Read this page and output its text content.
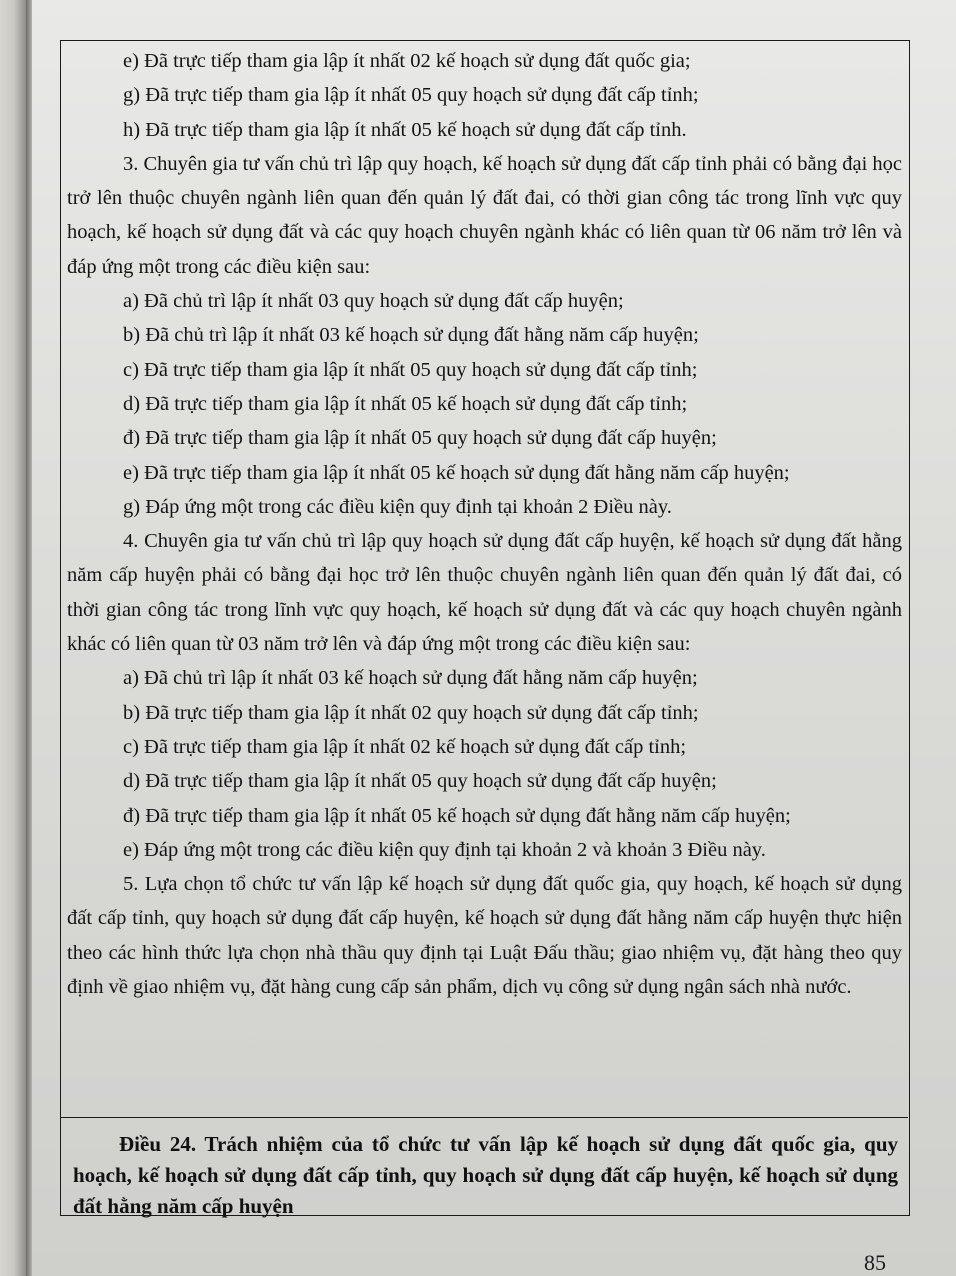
e) Đã trực tiếp tham gia lập ít nhất 02 kế hoạch sử dụng đất quốc gia;

g) Đã trực tiếp tham gia lập ít nhất 05 quy hoạch sử dụng đất cấp tỉnh;

h) Đã trực tiếp tham gia lập ít nhất 05 kế hoạch sử dụng đất cấp tỉnh.

3. Chuyên gia tư vấn chủ trì lập quy hoạch, kế hoạch sử dụng đất cấp tỉnh phải có bằng đại học trở lên thuộc chuyên ngành liên quan đến quản lý đất đai, có thời gian công tác trong lĩnh vực quy hoạch, kế hoạch sử dụng đất và các quy hoạch chuyên ngành khác có liên quan từ 06 năm trở lên và đáp ứng một trong các điều kiện sau:

a) Đã chủ trì lập ít nhất 03 quy hoạch sử dụng đất cấp huyện;

b) Đã chủ trì lập ít nhất 03 kế hoạch sử dụng đất hằng năm cấp huyện;

c) Đã trực tiếp tham gia lập ít nhất 05 quy hoạch sử dụng đất cấp tỉnh;

d) Đã trực tiếp tham gia lập ít nhất 05 kế hoạch sử dụng đất cấp tỉnh;

đ) Đã trực tiếp tham gia lập ít nhất 05 quy hoạch sử dụng đất cấp huyện;

e) Đã trực tiếp tham gia lập ít nhất 05 kế hoạch sử dụng đất hằng năm cấp huyện;

g) Đáp ứng một trong các điều kiện quy định tại khoản 2 Điều này.

4. Chuyên gia tư vấn chủ trì lập quy hoạch sử dụng đất cấp huyện, kế hoạch sử dụng đất hằng năm cấp huyện phải có bằng đại học trở lên thuộc chuyên ngành liên quan đến quản lý đất đai, có thời gian công tác trong lĩnh vực quy hoạch, kế hoạch sử dụng đất và các quy hoạch chuyên ngành khác có liên quan từ 03 năm trở lên và đáp ứng một trong các điều kiện sau:

a) Đã chủ trì lập ít nhất 03 kế hoạch sử dụng đất hằng năm cấp huyện;

b) Đã trực tiếp tham gia lập ít nhất 02 quy hoạch sử dụng đất cấp tỉnh;

c) Đã trực tiếp tham gia lập ít nhất 02 kế hoạch sử dụng đất cấp tỉnh;

d) Đã trực tiếp tham gia lập ít nhất 05 quy hoạch sử dụng đất cấp huyện;

đ) Đã trực tiếp tham gia lập ít nhất 05 kế hoạch sử dụng đất hằng năm cấp huyện;

e) Đáp ứng một trong các điều kiện quy định tại khoản 2 và khoản 3 Điều này.

5. Lựa chọn tổ chức tư vấn lập kế hoạch sử dụng đất quốc gia, quy hoạch, kế hoạch sử dụng đất cấp tỉnh, quy hoạch sử dụng đất cấp huyện, kế hoạch sử dụng đất hằng năm cấp huyện thực hiện theo các hình thức lựa chọn nhà thầu quy định tại Luật Đấu thầu; giao nhiệm vụ, đặt hàng theo quy định về giao nhiệm vụ, đặt hàng cung cấp sản phẩm, dịch vụ công sử dụng ngân sách nhà nước.

Điều 24. Trách nhiệm của tổ chức tư vấn lập kế hoạch sử dụng đất quốc gia, quy hoạch, kế hoạch sử dụng đất cấp tỉnh, quy hoạch sử dụng đất cấp huyện, kế hoạch sử dụng đất hằng năm cấp huyện
85
